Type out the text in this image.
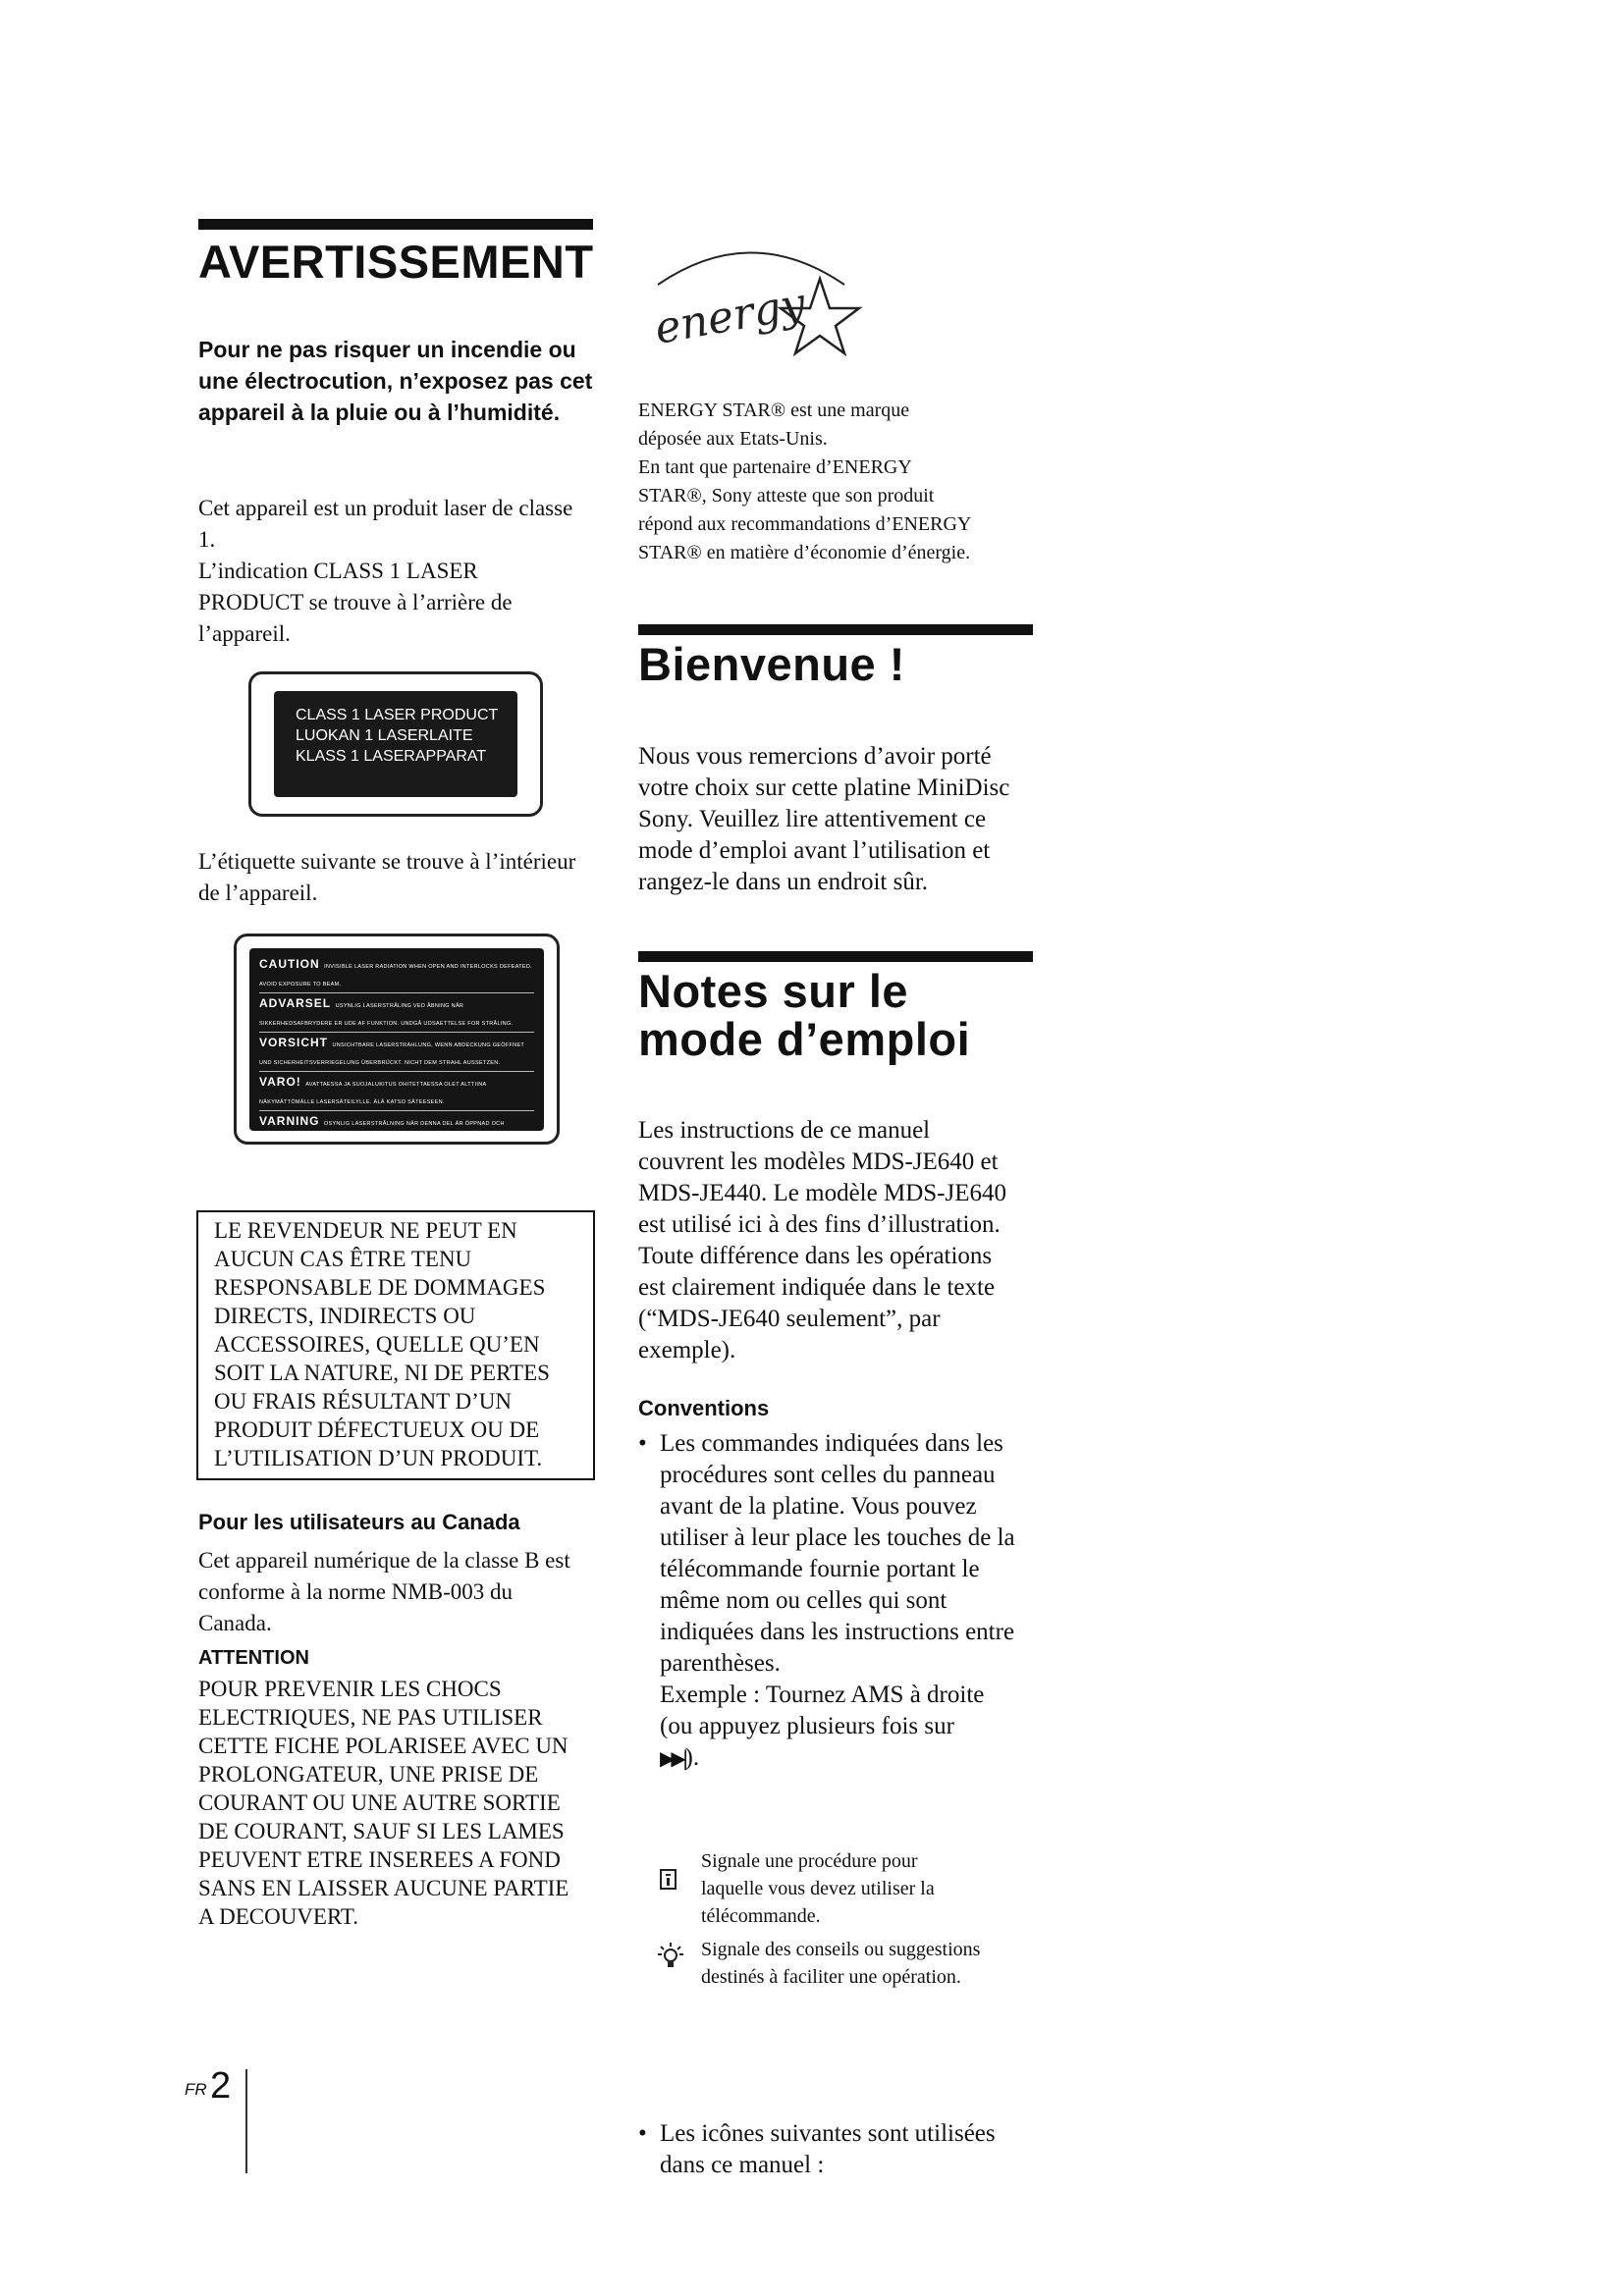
AVERTISSEMENT
Pour ne pas risquer un incendie ou une électrocution, n’exposez pas cet appareil à la pluie ou à l’humidité.

Cet appareil est un produit laser de classe 1.

L’indication CLASS 1 LASER PRODUCT se trouve à l’arrière de l’appareil.

CLASS 1 LASER PRODUCT
LUOKAN 1 LASERLAITE
KLASS 1 LASERAPPARAT
L’étiquette suivante se trouve à l’intérieur de l’appareil.
CAUTION INVISIBLE LASER RADIATION WHEN OPEN AND INTERLOCKS DEFEATED. AVOID EXPOSURE TO BEAM.
ADVARSEL USYNLIG LASERSTRÅLING VED ÅBNING NÅR SIKKERHEDSAFBRYDERE ER UDE AF FUNKTION. UNDGÅ UDSAETTELSE FOR STRÅLING.
VORSICHT UNSICHTBARE LASERSTRAHLUNG, WENN ABDECKUNG GEÖFFNET UND SICHERHEITSVERRIEGELUNG ÜBERBRÜCKT. NICHT DEM STRAHL AUSSETZEN.
VARO! AVATTAESSA JA SUOJALUKITUS OHITETTAESSA OLET ALTTIINA NÄKYMÄTTÖMÄLLE LASERSÄTEILYLLE. ÄLÄ KATSO SÄTEESEEN.
VARNING OSYNLIG LASERSTRÅLNING NÄR DENNA DEL ÄR ÖPPNAD OCH

LE REVENDEUR NE PEUT EN

AUCUN CAS ÊTRE TENU

RESPONSABLE DE DOMMAGES

DIRECTS, INDIRECTS OU

ACCESSOIRES, QUELLE QU’EN

SOIT LA NATURE, NI DE PERTES

OU FRAIS RÉSULTANT D’UN

PRODUIT DÉFECTUEUX OU DE

L’UTILISATION D’UN PRODUIT.

Pour les utilisateurs au Canada
Cet appareil numérique de la classe B est conforme à la norme NMB-003 du Canada.
ATTENTION

POUR PREVENIR LES CHOCS

ELECTRIQUES, NE PAS UTILISER

CETTE FICHE POLARISEE AVEC UN

PROLONGATEUR, UNE PRISE DE

COURANT OU UNE AUTRE SORTIE

DE COURANT, SAUF SI LES LAMES

PEUVENT ETRE INSEREES A FOND

SANS EN LAISSER AUCUNE PARTIE

A DECOUVERT.

energy

ENERGY STAR® est une marque

déposée aux Etats-Unis.

En tant que partenaire d’ENERGY

STAR®, Sony atteste que son produit

répond aux recommandations d’ENERGY

STAR® en matière d’économie d’énergie.

Bienvenue !

Nous vous remercions d’avoir porté

votre choix sur cette platine MiniDisc

Sony. Veuillez lire attentivement ce

mode d’emploi avant l’utilisation et

rangez-le dans un endroit sûr.

Notes sur le
mode d’emploi

Les instructions de ce manuel

couvrent les modèles MDS-JE640 et

MDS-JE440. Le modèle MDS-JE640

est utilisé ici à des fins d’illustration.

Toute différence dans les opérations

est clairement indiquée dans le texte

(“MDS-JE640 seulement”, par

exemple).

Conventions

• Les commandes indiquées dans les

procédures sont celles du panneau

avant de la platine. Vous pouvez

utiliser à leur place les touches de la

télécommande fournie portant le

même nom ou celles qui sont

indiquées dans les instructions entre

parenthèses.

Exemple : Tournez AMS à droite

(ou appuyez plusieurs fois sur

▶▶|).

• Les icônes suivantes sont utilisées

dans ce manuel :

Signale une procédure pour

laquelle vous devez utiliser la

télécommande.

Signale des conseils ou suggestions

destinés à faciliter une opération.

FR 2
